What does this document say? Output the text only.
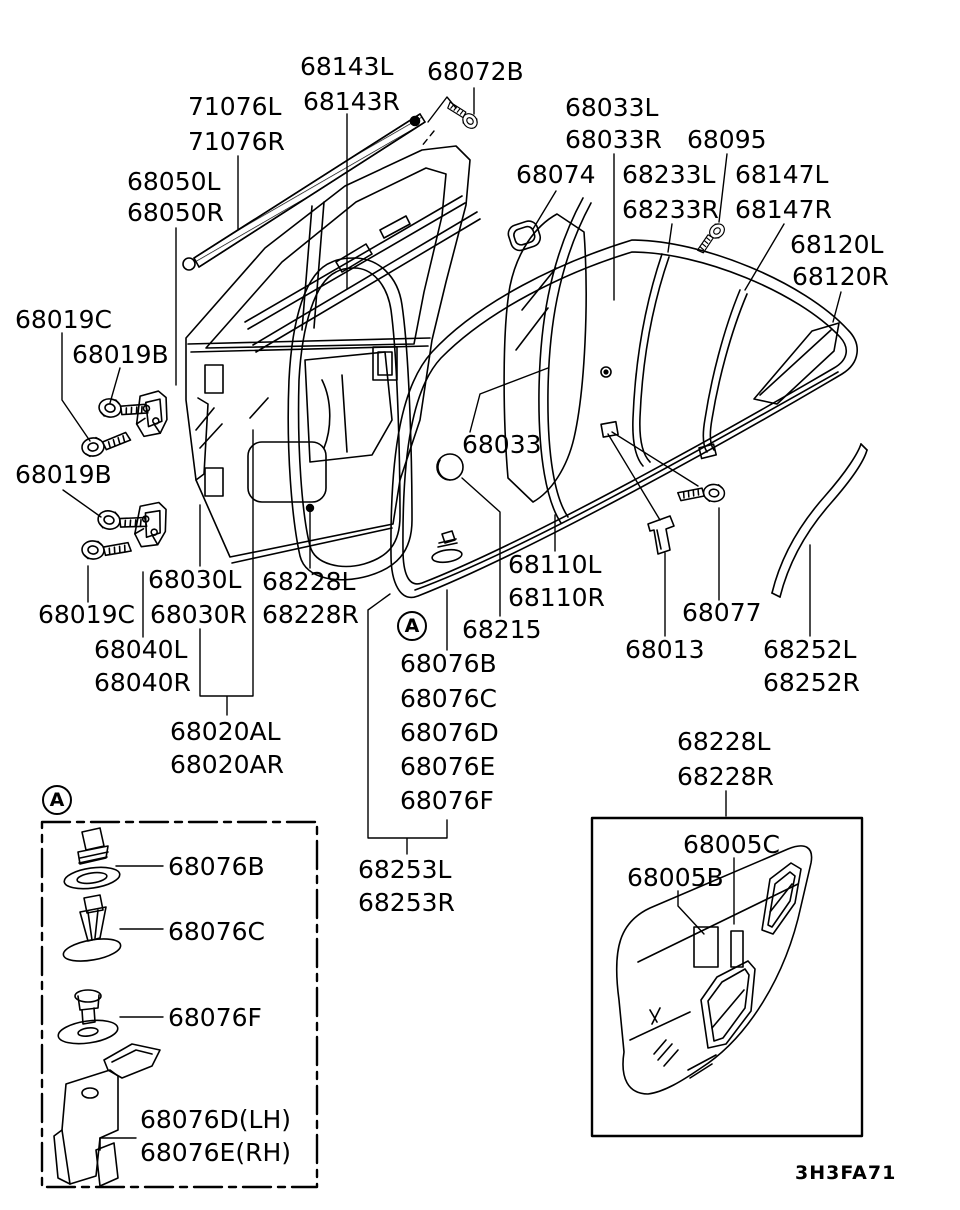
A
A
68143L
68143R
68072B
71076L
71076R
68050L
68050R
68033L
68033R 68095
68074 68233L 68147L
68233R 68147R
68120L
68120R
68019C
68019B
68019B
68019C
68030L
68030R
68228L
68228R
68040L
68040R
68020AL
68020AR
68033
68110L
68110R
68215
68013
68077
68252L
68252R
68076B
68076C
68076D
68076E
68076F
68253L
68253R
68228L
68228R
68005C
68005B
68076B
68076C
68076F
68076D(LH)
68076E(RH)
3H3FA71
